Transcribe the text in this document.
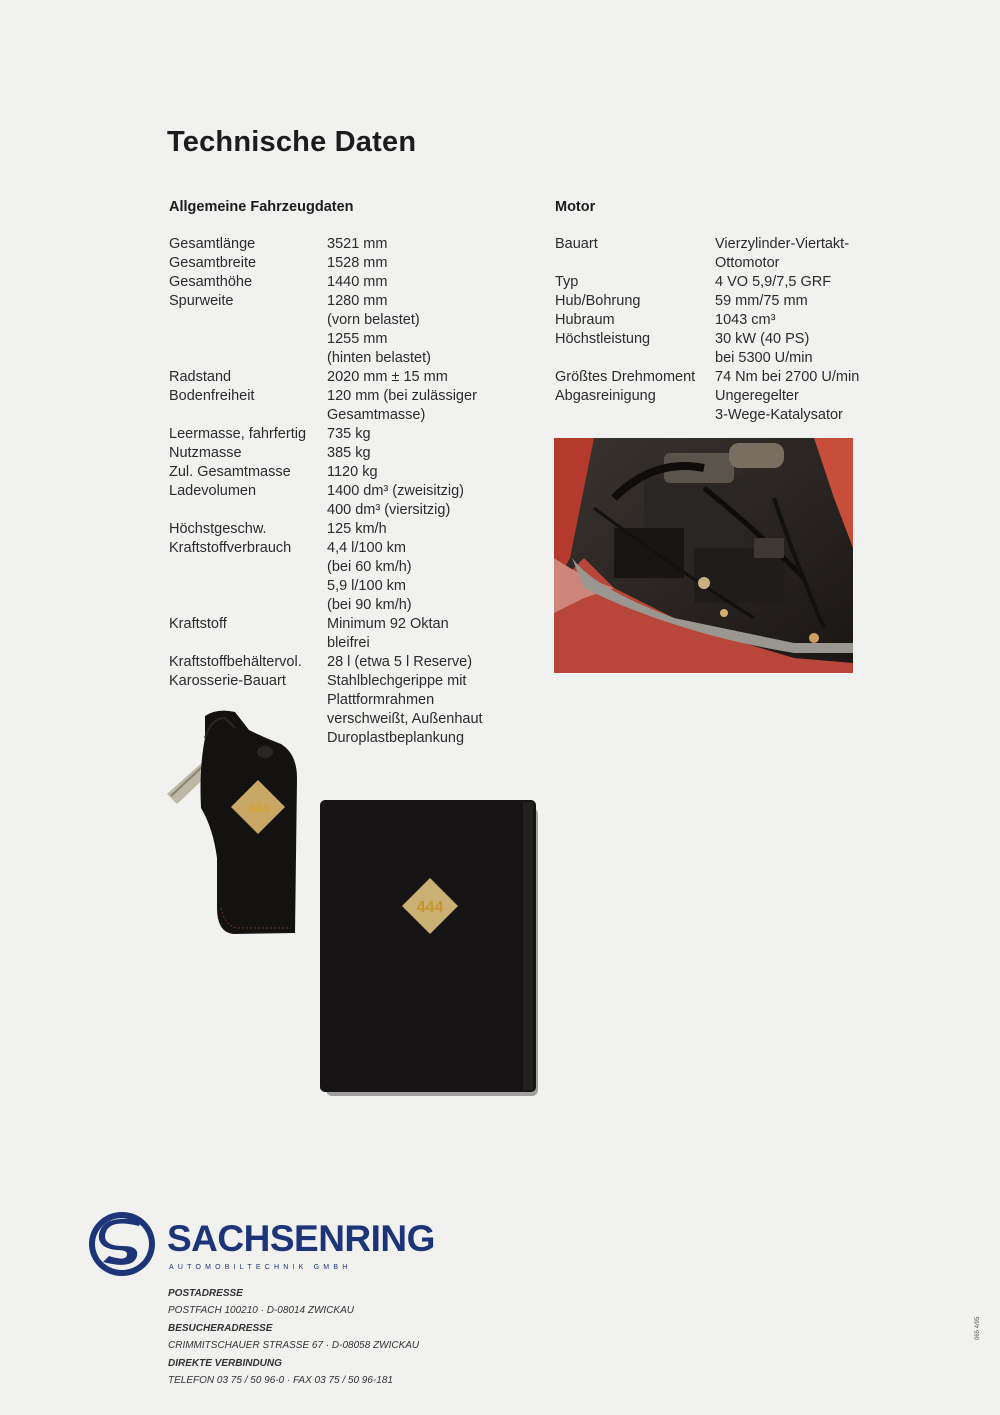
Technische Daten
Allgemeine Fahrzeugdaten	Motor
Gesamtlänge	3521 mm
Gesamtbreite	1528 mm
Gesamthöhe	1440 mm
Spurweite	1280 mm
(vorn belastet)
1255 mm
(hinten belastet)
Radstand	2020 mm ± 15 mm
Bodenfreiheit	120 mm (bei zulässiger
Gesamtmasse)
Leermasse, fahrfertig	735 kg
Nutzmasse	385 kg
Zul. Gesamtmasse	1120 kg
Ladevolumen	1400 dm³ (zweisitzig)
400 dm³ (viersitzig)
Höchstgeschw.	125 km/h
Kraftstoffverbrauch	4,4 l/100 km
(bei 60 km/h)
5,9 l/100 km
(bei 90 km/h)
Kraftstoff	Minimum 92 Oktan
bleifrei
Kraftstoffbehältervol.	28 l (etwa 5 l Reserve)
Karosserie-Bauart	Stahlblechgerippe mit
Plattformrahmen
verschweißt, Außenhaut
Duroplastbeplankung
Bauart	Vierzylinder-Viertakt-
Ottomotor
Typ	4 VO 5,9/7,5 GRF
Hub/Bohrung	59 mm/75 mm
Hubraum	1043 cm³
Höchstleistung	30 kW (40 PS)
bei 5300 U/min
Größtes Drehmoment	74 Nm bei 2700 U/min
Abgasreinigung	Ungeregelter
3-Wege-Katalysator
444
444

SACHSENRING

AUTOMOBILTECHNIK GMBH

POSTADRESSE
POSTFACH 100210 · D-08014 ZWICKAU
BESUCHERADRESSE
CRIMMITSCHAUER STRASSE 67 · D-08058 ZWICKAU
DIREKTE VERBINDUNG
TELEFON 03 75 / 50 96-0 · FAX 03 75 / 50 96-181
065 4/95
